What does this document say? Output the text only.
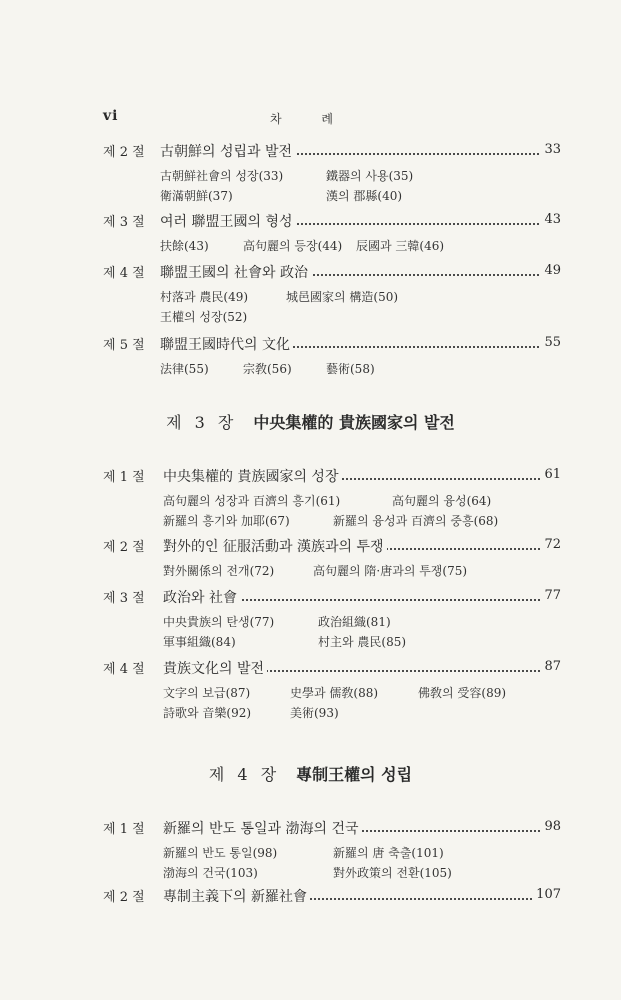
vi	차 례
제 3 장 中央集權的 貴族國家의 발전
제 4 장 專制王權의 성립
제 2 절	古朝鮮의 성립과 발전	33
古朝鮮社會의 성장(33)	鐵器의 사용(35)
衛滿朝鮮(37)	漢의 郡縣(40)
제 3 절	여러 聯盟王國의 형성	43
扶餘(43)	高句麗의 등장(44) 辰國과 三韓(46)
제 4 절	聯盟王國의 社會와 政治	49
村落과 農民(49)	城邑國家의 構造(50)
王權의 성장(52)
제 5 절	聯盟王國時代의 文化	55
法律(55)	宗敎(56)	藝術(58)
제 1 절	中央集權的 貴族國家의 성장	61
高句麗의 성장과 百濟의 흥기(61)	高句麗의 융성(64)
新羅의 흥기와 加耶(67)	新羅의 융성과 百濟의 중흥(68)
제 2 절	對外的인 征服活動과 漢族과의 투쟁	72
對外關係의 전개(72)	高句麗의 隋·唐과의 투쟁(75)
제 3 절	政治와 社會	77
中央貴族의 탄생(77)	政治組織(81)
軍事組織(84)	村主와 農民(85)
제 4 절	貴族文化의 발전	87
文字의 보급(87)	史學과 儒敎(88)	佛敎의 受容(89)
詩歌와 音樂(92)	美術(93)
제 1 절	新羅의 반도 통일과 渤海의 건국	98
新羅의 반도 통일(98)	新羅의 唐 축출(101)
渤海의 건국(103)	對外政策의 전환(105)
제 2 절	專制主義下의 新羅社會	107
